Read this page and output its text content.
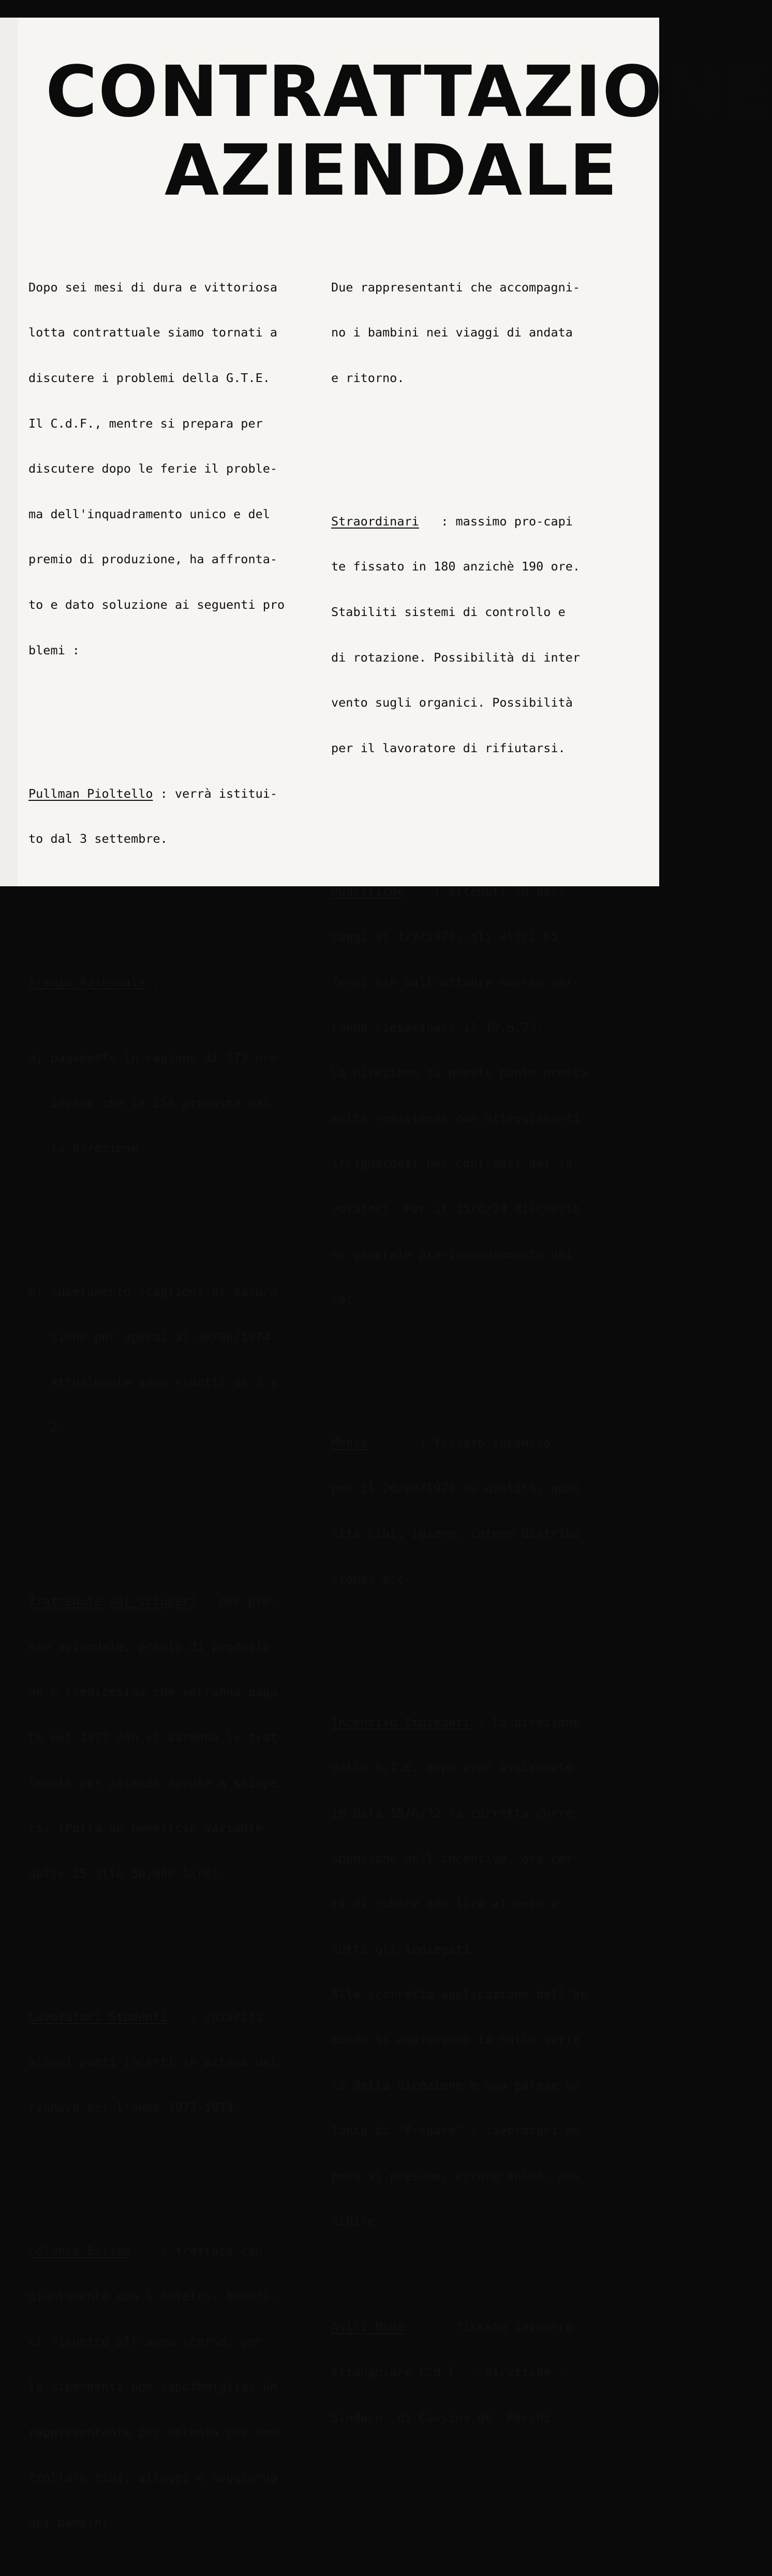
CONTRATTAZIONE
AZIENDALE

Dopo sei mesi di dura e vittoriosa

lotta contrattuale siamo tornati a

discutere i problemi della G.T.E.

Il C.d.F., mentre si prepara per

discutere dopo le ferie il proble-

ma dell'inquadramento unico e del

premio di produzione, ha affronta-

to e dato soluzione ai seguenti pro

blemi :

Pullman Pioltello : verrà istitui-

to dal 3 settembre.

Premio Aziendale :

a) pagamento in ragione di 173 ore

invece che le 158 proposte dal-

la direzione

b) superamento scaglioni di matura

zione per operai al 30/06/1974.

Attualmente sono ridotti da 3 a

2.

Trattenute per scioperi : per pre-

mio aziendale, premio di produzio-

ne e tredicesima che verranno paga

te nel 1973 non vi saranno le trat

tenute per assenze dovute a sciope

ri. (Porta un beneficio variante

dalle 25 alle 50.000 lire).

Lavoratori Studenti   : chiariti

alcuni punti incerti in attesa del

rinnovo per l'anno 1973-1974.

Colonie Estive    : trattato con-

giuntamente con l'Autelco. Benefi-

ci rispetto all'anno scorso, per

le dipendenti non capofamiglia. Un

rappresentante per colonia per con

trollare cibi, alloggi e soggiorno

dei bambini.

Due rappresentanti che accompagni-

no i bambini nei viaggi di andata

e ritorno.

Straordinari   : massimo pro-capi

te fissato in 180 anzichè 190 ore.

Stabiliti sistemi di controllo e

di rotazione. Possibilità di inter

vento sugli organici. Possibilità

per il lavoratore di rifiutarsi.

Qualifiche    : ottenuti 30 pas-

saggi al 1/7/1973; gli altri 65

fermi sin dall'ottobre scorso ver-

ranno riesaminati il 19.6.73.

La Direzione su questo punto presta

molte resistenze con atteggiamenti

irriguardosi nei confronti dei la-

voratori. Per il 25/6/73 discussio

ne generale pre-inquadramento uni-

co.

Mensa       : fissato incontro

per il 20/06/1973 su qualità, quan

tità cibi, igiene, catene distribu

zione, ecc.

Incentivo Impiegati : la direzione

della G.T.E. dopo aver assicurato

in data 15/6/72 la corretta corre-

sponsione dell'incentivo, ora cer-

ca di rubare 800 lire al mese a

tutti gli impiegati.

Alla scorretta applicazione dell'ac

cordo si aggiungono la nulla serie

tà della direzione e una palese vo

lontà di "fregare" i lavoratori ap

pena si presume, errore ahimè, pos

sibile.

Asili Nido     : fissato incontro

triangolare C.d.F. - Direzione -

Sindaco  di Cassina de' Pecchi.
